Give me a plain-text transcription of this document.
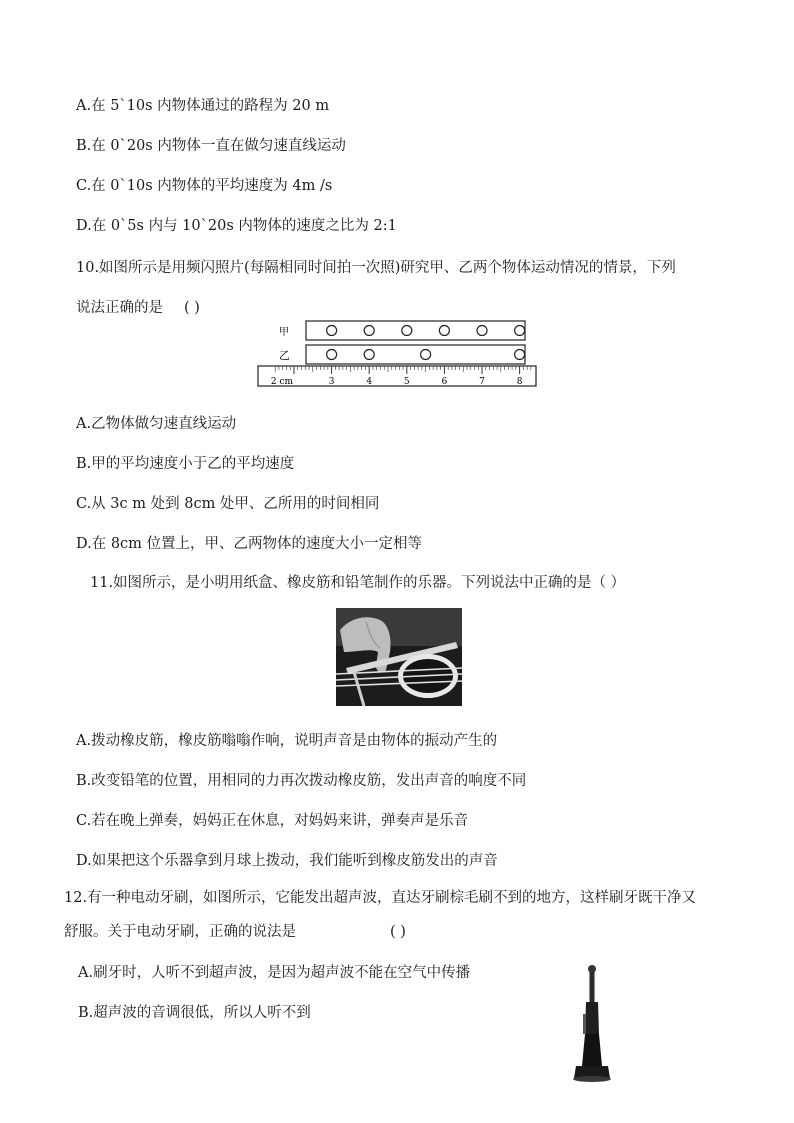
A.在 5`10s 内物体通过的路程为 20 m
B.在 0`20s 内物体一直在做匀速直线运动
C.在 0`10s 内物体的平均速度为 4m /s
D.在 0`5s 内与 10`20s 内物体的速度之比为 2:1
10.如图所示是用频闪照片(每隔相同时间拍一次照)研究甲、乙两个物体运动情况的情景，下列
说法正确的是 ( )
甲
乙
2 cm	3	4	5	6	7	8
A.乙物体做匀速直线运动
B.甲的平均速度小于乙的平均速度
C.从 3c m 处到 8cm 处甲、乙所用的时间相同
D.在 8cm 位置上，甲、乙两物体的速度大小一定相等
11.如图所示，是小明用纸盒、橡皮筋和铅笔制作的乐器。下列说法中正确的是（ ）
A.拨动橡皮筋，橡皮筋嗡嗡作响，说明声音是由物体的振动产生的
B.改变铅笔的位置，用相同的力再次拨动橡皮筋，发出声音的响度不同
C.若在晚上弹奏，妈妈正在休息，对妈妈来讲，弹奏声是乐音
D.如果把这个乐器拿到月球上拨动，我们能听到橡皮筋发出的声音
12.有一种电动牙刷，如图所示，它能发出超声波，直达牙刷棕毛刷不到的地方，这样刷牙既干净又
舒服。关于电动牙刷，正确的说法是	( )
A.刷牙时，人听不到超声波，是因为超声波不能在空气中传播
B.超声波的音调很低，所以人听不到
